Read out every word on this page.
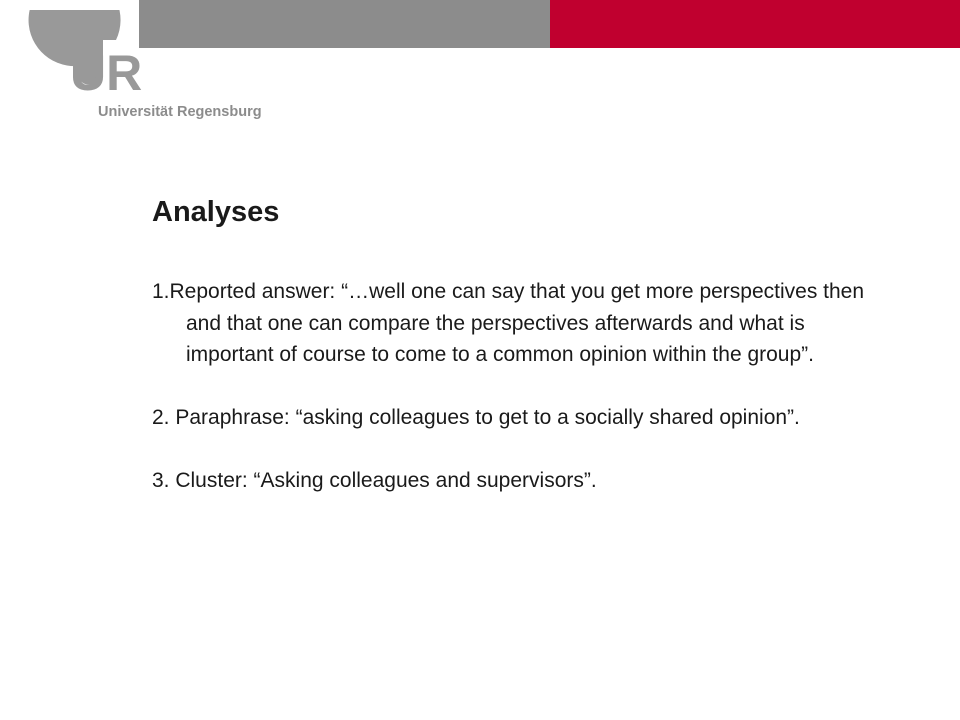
UR
Universität Regensburg
Analyses
1.Reported answer: “…well one can say that you get more perspectives then and that one can compare the perspectives afterwards and what is important of course to come to a common opinion within the group”.
2. Paraphrase: “asking colleagues to get to a socially shared opinion”.
3. Cluster: “Asking colleagues and supervisors”.
